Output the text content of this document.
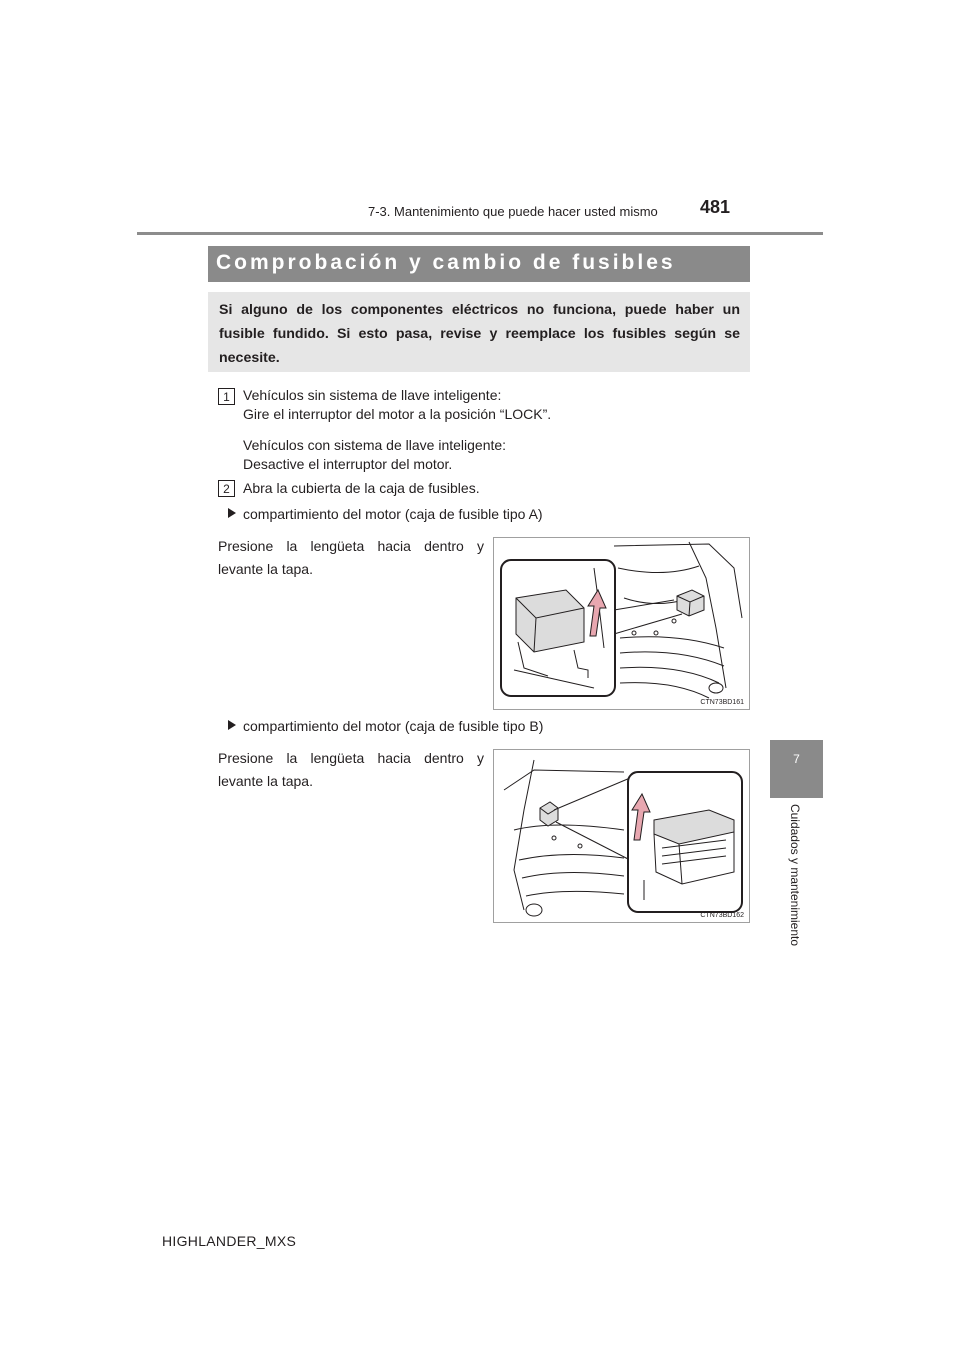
7-3. Mantenimiento que puede hacer usted mismo	481
Comprobación y cambio de fusibles
Si alguno de los componentes eléctricos no funciona, puede haber un fusible fundido. Si esto pasa, revise y reemplace los fusibles según se necesite.
1 Vehículos sin sistema de llave inteligente:
Gire el interruptor del motor a la posición “LOCK”.
Vehículos con sistema de llave inteligente:
Desactive el interruptor del motor.
2 Abra la cubierta de la caja de fusibles.
compartimiento del motor (caja de fusible tipo A)
Presione la lengüeta hacia dentro y levante la tapa.
CTN73BD161
compartimiento del motor (caja de fusible tipo B)
Presione la lengüeta hacia dentro y levante la tapa.
CTN73BD162
7
Cuidados y mantenimiento
HIGHLANDER_MXS
